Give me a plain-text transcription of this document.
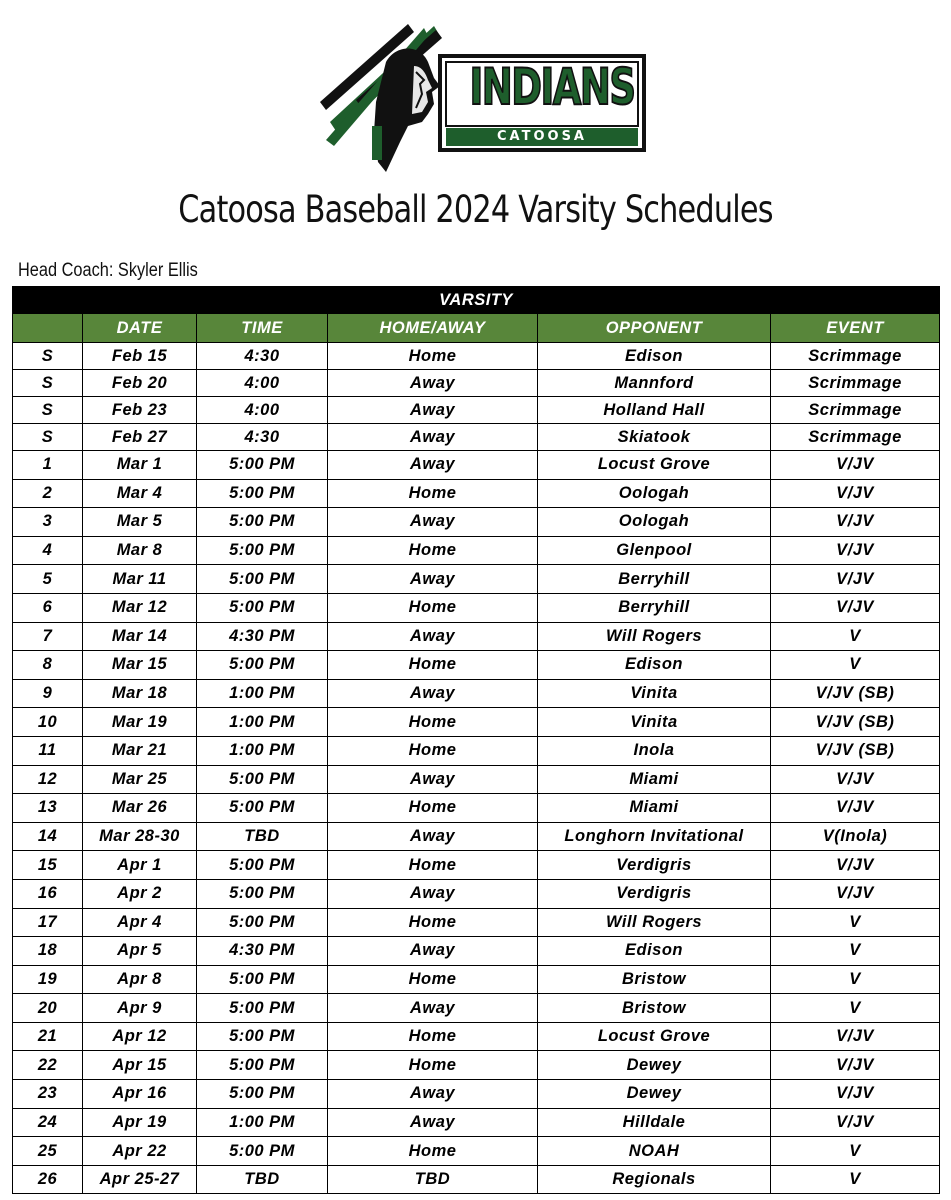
INDIANS
CATOOSA
Catoosa Baseball 2024 Varsity Schedules
Head Coach: Skyler Ellis
VARSITY					
	DATE	TIME	HOME/AWAY	OPPONENT	EVENT
S	Feb 15	4:30	Home	Edison	Scrimmage
S	Feb 20	4:00	Away	Mannford	Scrimmage
S	Feb 23	4:00	Away	Holland Hall	Scrimmage
S	Feb 27	4:30	Away	Skiatook	Scrimmage
1	Mar 1	5:00 PM	Away	Locust Grove	V/JV
2	Mar 4	5:00 PM	Home	Oologah	V/JV
3	Mar 5	5:00 PM	Away	Oologah	V/JV
4	Mar 8	5:00 PM	Home	Glenpool	V/JV
5	Mar 11	5:00 PM	Away	Berryhill	V/JV
6	Mar 12	5:00 PM	Home	Berryhill	V/JV
7	Mar 14	4:30 PM	Away	Will Rogers	V
8	Mar 15	5:00 PM	Home	Edison	V
9	Mar 18	1:00 PM	Away	Vinita	V/JV (SB)
10	Mar 19	1:00 PM	Home	Vinita	V/JV (SB)
11	Mar 21	1:00 PM	Home	Inola	V/JV (SB)
12	Mar 25	5:00 PM	Away	Miami	V/JV
13	Mar 26	5:00 PM	Home	Miami	V/JV
14	Mar 28-30	TBD	Away	Longhorn Invitational	V(Inola)
15	Apr 1	5:00 PM	Home	Verdigris	V/JV
16	Apr 2	5:00 PM	Away	Verdigris	V/JV
17	Apr 4	5:00 PM	Home	Will Rogers	V
18	Apr 5	4:30 PM	Away	Edison	V
19	Apr 8	5:00 PM	Home	Bristow	V
20	Apr 9	5:00 PM	Away	Bristow	V
21	Apr 12	5:00 PM	Home	Locust Grove	V/JV
22	Apr 15	5:00 PM	Home	Dewey	V/JV
23	Apr 16	5:00 PM	Away	Dewey	V/JV
24	Apr 19	1:00 PM	Away	Hilldale	V/JV
25	Apr 22	5:00 PM	Home	NOAH	V
26	Apr 25-27	TBD	TBD	Regionals	V
